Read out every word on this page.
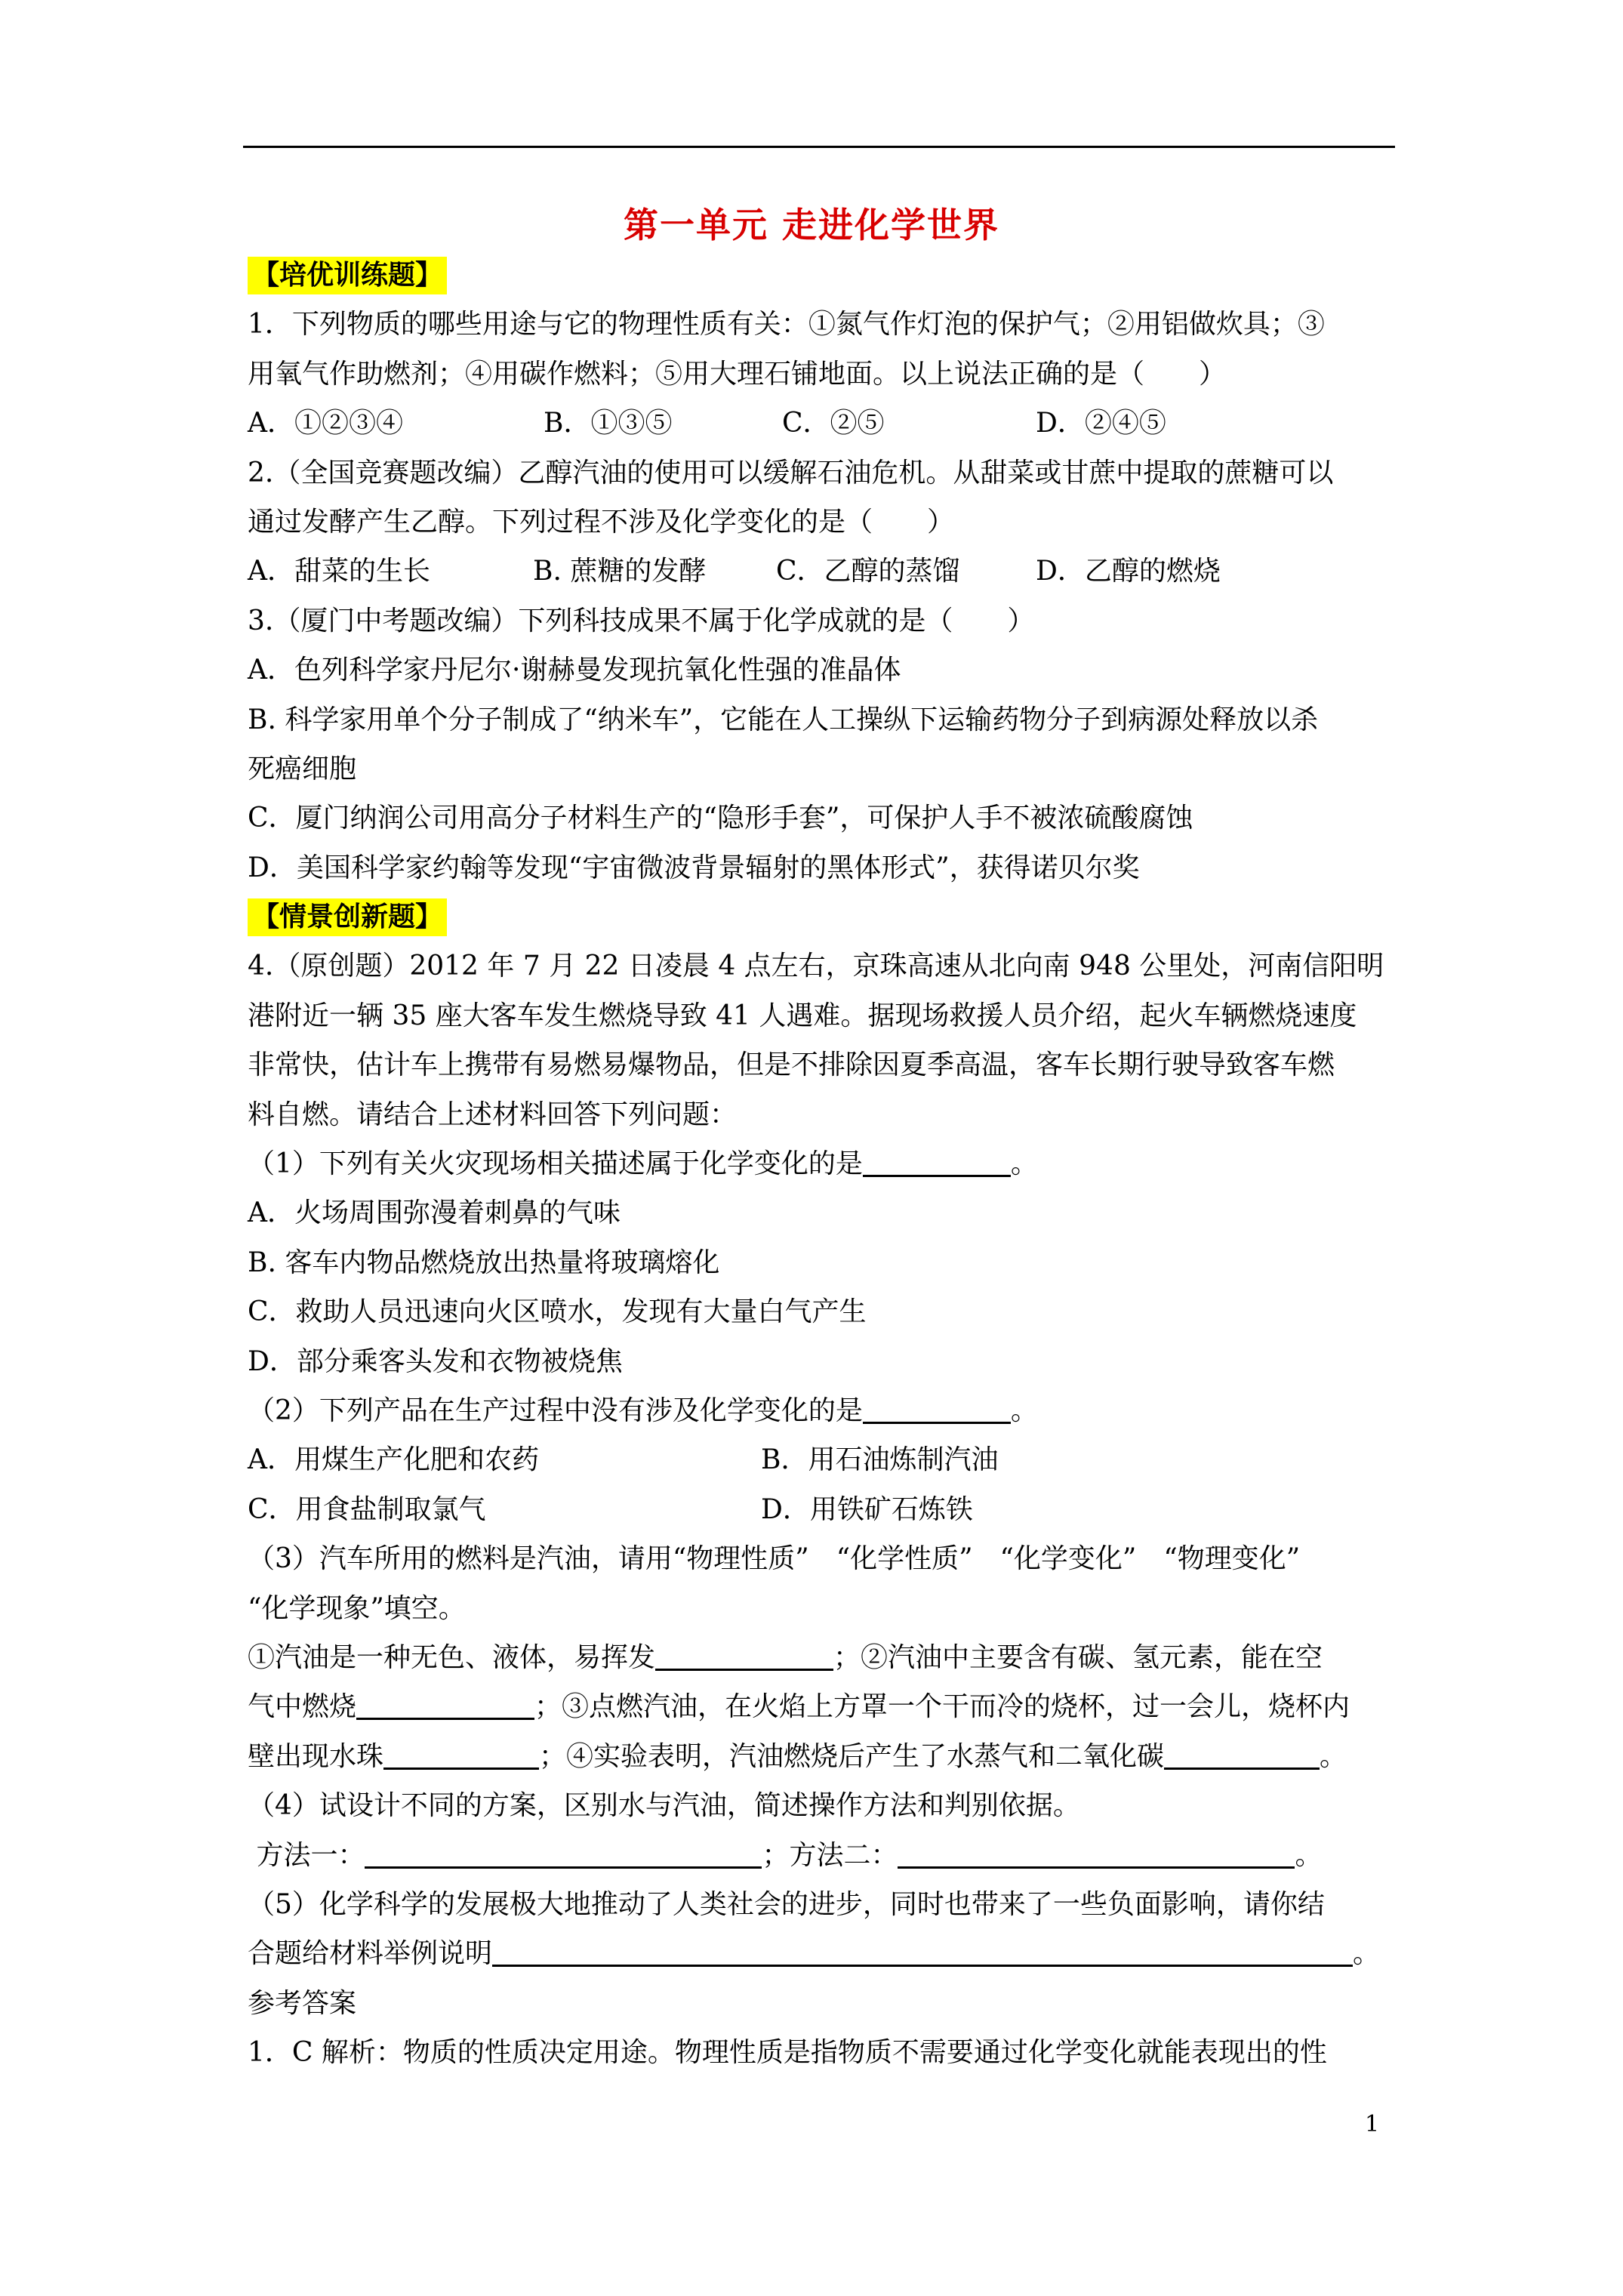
第一单元 走进化学世界
【培优训练题】
1．下列物质的哪些用途与它的物理性质有关：①氮气作灯泡的保护气；②用铝做炊具；③
用氧气作助燃剂；④用碳作燃料；⑤用大理石铺地面。以上说法正确的是（　　）
A．①②③④	B．①③⑤	C．②⑤	D．②④⑤
2.（全国竞赛题改编）乙醇汽油的使用可以缓解石油危机。从甜菜或甘蔗中提取的蔗糖可以
通过发酵产生乙醇。下列过程不涉及化学变化的是（　　）
A．甜菜的生长	B. 蔗糖的发酵	C．乙醇的蒸馏	D．乙醇的燃烧
3.（厦门中考题改编）下列科技成果不属于化学成就的是（　　）
A．色列科学家丹尼尔·谢赫曼发现抗氧化性强的准晶体
B. 科学家用单个分子制成了“纳米车”，它能在人工操纵下运输药物分子到病源处释放以杀
死癌细胞
C．厦门纳润公司用高分子材料生产的“隐形手套”，可保护人手不被浓硫酸腐蚀
D．美国科学家约翰等发现“宇宙微波背景辐射的黑体形式”，获得诺贝尔奖
【情景创新题】
4.（原创题）2012 年 7 月 22 日凌晨 4 点左右，京珠高速从北向南 948 公里处，河南信阳明
港附近一辆 35 座大客车发生燃烧导致 41 人遇难。据现场救援人员介绍，起火车辆燃烧速度
非常快，估计车上携带有易燃易爆物品，但是不排除因夏季高温，客车长期行驶导致客车燃
料自燃。请结合上述材料回答下列问题：
（1）下列有关火灾现场相关描述属于化学变化的是	。
A．火场周围弥漫着刺鼻的气味
B. 客车内物品燃烧放出热量将玻璃熔化
C．救助人员迅速向火区喷水，发现有大量白气产生
D．部分乘客头发和衣物被烧焦
（2）下列产品在生产过程中没有涉及化学变化的是	。
A．用煤生产化肥和农药	B．用石油炼制汽油
C．用食盐制取氯气	D．用铁矿石炼铁
（3）汽车所用的燃料是汽油，请用“物理性质”　“化学性质”　“化学变化”　“物理变化”
“化学现象”填空。
①汽油是一种无色、液体，易挥发	；②汽油中主要含有碳、氢元素，能在空
气中燃烧	；③点燃汽油，在火焰上方罩一个干而冷的烧杯，过一会儿，烧杯内
壁出现水珠	；④实验表明，汽油燃烧后产生了水蒸气和二氧化碳	。
（4）试设计不同的方案，区别水与汽油，简述操作方法和判别依据。
方法一：	；方法二：	。
（5）化学科学的发展极大地推动了人类社会的进步，同时也带来了一些负面影响，请你结
合题给材料举例说明	。
参考答案
1．C 解析：物质的性质决定用途。物理性质是指物质不需要通过化学变化就能表现出的性
1
